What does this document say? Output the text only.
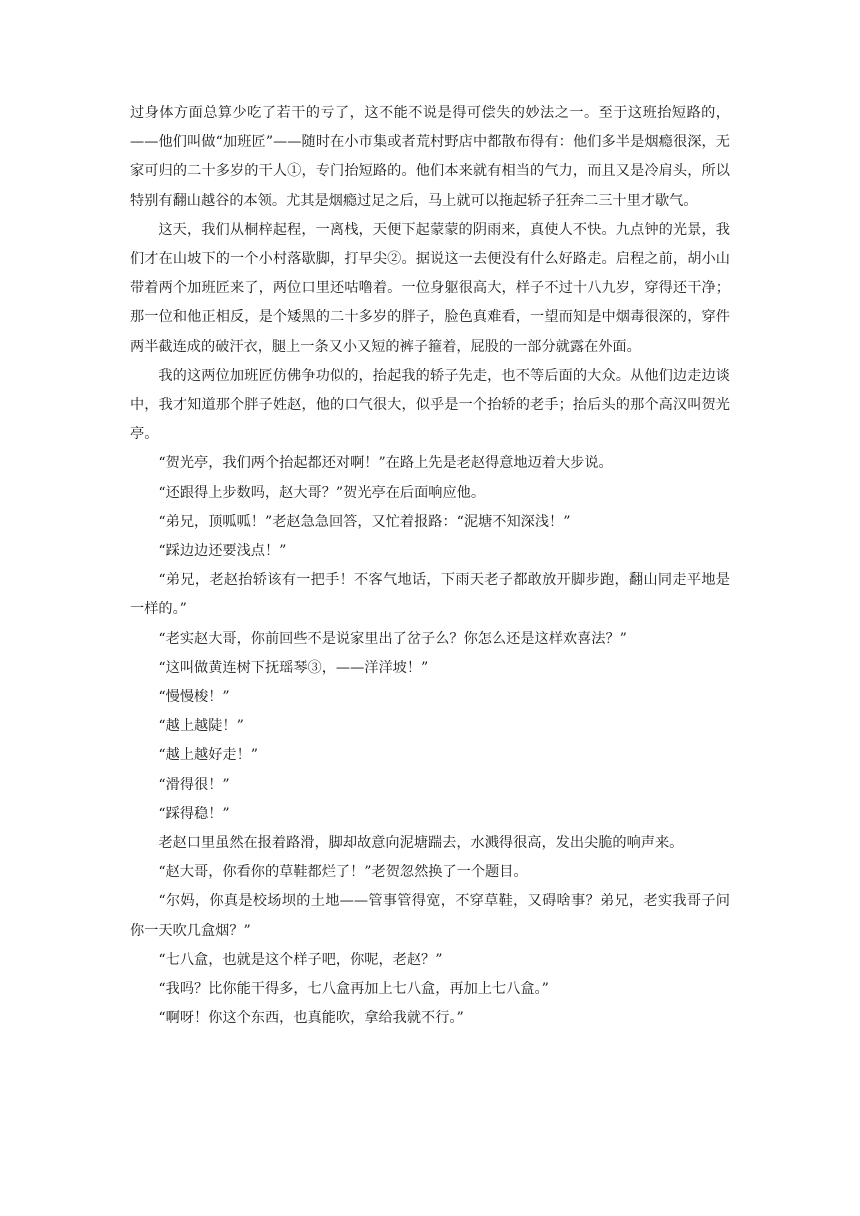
过身体方面总算少吃了若干的亏了，这不能不说是得可偿失的妙法之一。至于这班抬短路的，——他们叫做“加班匠”——随时在小市集或者荒村野店中都散布得有：他们多半是烟瘾很深，无家可归的二十多岁的干人①，专门抬短路的。他们本来就有相当的气力，而且又是冷肩头，所以特别有翻山越谷的本领。尤其是烟瘾过足之后，马上就可以拖起轿子狂奔二三十里才歇气。

这天，我们从桐梓起程，一离栈，天便下起蒙蒙的阴雨来，真使人不快。九点钟的光景，我们才在山坡下的一个小村落歇脚，打早尖②。据说这一去便没有什么好路走。启程之前，胡小山带着两个加班匠来了，两位口里还咕噜着。一位身躯很高大，样子不过十八九岁，穿得还干净；那一位和他正相反，是个矮黑的二十多岁的胖子，脸色真难看，一望而知是中烟毒很深的，穿件两半截连成的破汗衣，腿上一条又小又短的裤子箍着，屁股的一部分就露在外面。

我的这两位加班匠仿佛争功似的，抬起我的轿子先走，也不等后面的大众。从他们边走边谈中，我才知道那个胖子姓赵，他的口气很大，似乎是一个抬轿的老手；抬后头的那个高汉叫贺光亭。

“贺光亭，我们两个抬起都还对啊！”在路上先是老赵得意地迈着大步说。

“还跟得上步数吗，赵大哥？”贺光亭在后面响应他。

“弟兄，顶呱呱！”老赵急急回答，又忙着报路：“泥塘不知深浅！”

“踩边边还要浅点！”

“弟兄，老赵抬轿该有一把手！不客气地话，下雨天老子都敢放开脚步跑，翻山同走平地是一样的。”

“老实赵大哥，你前回些不是说家里出了岔子么？你怎么还是这样欢喜法？”

“这叫做黄连树下抚瑶琴③，——洋洋坡！”

“慢慢梭！”

“越上越陡！”

“越上越好走！”

“滑得很！”

“踩得稳！”

老赵口里虽然在报着路滑，脚却故意向泥塘踹去，水溅得很高，发出尖脆的响声来。

“赵大哥，你看你的草鞋都烂了！”老贺忽然换了一个题目。

“尔妈，你真是校场坝的土地——管事管得宽，不穿草鞋，又碍啥事？弟兄，老实我哥子问你一天吹几盒烟？”

“七八盒，也就是这个样子吧，你呢，老赵？”

“我吗？比你能干得多，七八盒再加上七八盒，再加上七八盒。”

“啊呀！你这个东西，也真能吹，拿给我就不行。”
